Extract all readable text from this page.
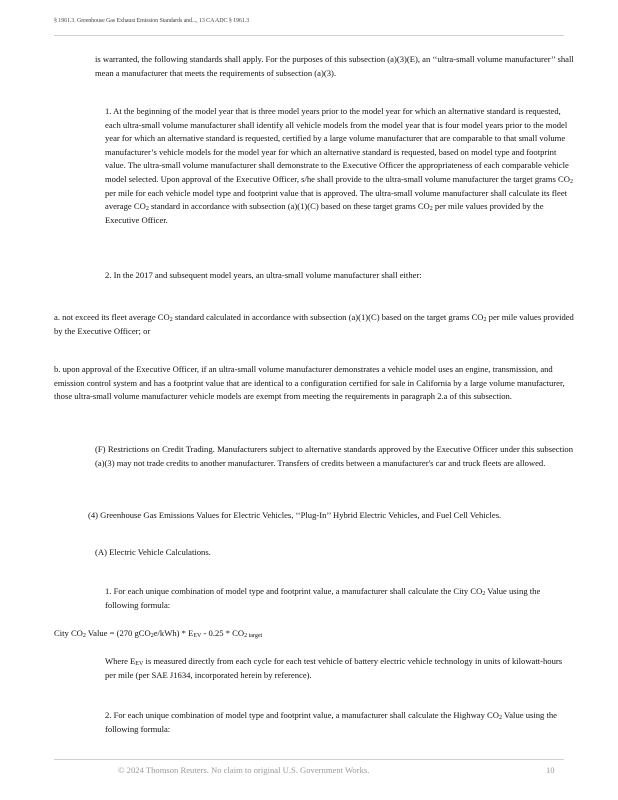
§ 1961.3. Greenhouse Gas Exhaust Emission Standards and..., 13 CA ADC § 1961.3

is warranted, the following standards shall apply. For the purposes of this subsection (a)(3)(E), an ‘‘ultra-small volume manufacturer’’ shall mean a manufacturer that meets the requirements of subsection (a)(3).

1. At the beginning of the model year that is three model years prior to the model year for which an alternative standard is requested, each ultra-small volume manufacturer shall identify all vehicle models from the model year that is four model years prior to the model year for which an alternative standard is requested, certified by a large volume manufacturer that are comparable to that small volume manufacturer’s vehicle models for the model year for which an alternative standard is requested, based on model type and footprint value. The ultra-small volume manufacturer shall demonstrate to the Executive Officer the appropriateness of each comparable vehicle model selected. Upon approval of the Executive Officer, s/he shall provide to the ultra-small volume manufacturer the target grams $CO_2$ per mile for each vehicle model type and footprint value that is approved. The ultra-small volume manufacturer shall calculate its fleet average $CO_2$ standard in accordance with subsection (a)(1)(C) based on these target grams $CO_2$ per mile values provided by the Executive Officer.

2. In the 2017 and subsequent model years, an ultra-small volume manufacturer shall either:

a. not exceed its fleet average $CO_2$ standard calculated in accordance with subsection (a)(1)(C) based on the target grams $CO_2$ per mile values provided by the Executive Officer; or

b. upon approval of the Executive Officer, if an ultra-small volume manufacturer demonstrates a vehicle model uses an engine, transmission, and emission control system and has a footprint value that are identical to a configuration certified for sale in California by a large volume manufacturer, those ultra-small volume manufacturer vehicle models are exempt from meeting the requirements in paragraph 2.a of this subsection.

(F) Restrictions on Credit Trading. Manufacturers subject to alternative standards approved by the Executive Officer under this subsection (a)(3) may not trade credits to another manufacturer. Transfers of credits between a manufacturer's car and truck fleets are allowed.

(4) Greenhouse Gas Emissions Values for Electric Vehicles, ‘‘Plug-In’’ Hybrid Electric Vehicles, and Fuel Cell Vehicles.

(A) Electric Vehicle Calculations.

1. For each unique combination of model type and footprint value, a manufacturer shall calculate the City $CO_2$ Value using the following formula:

City $CO_2$ Value = (270 $gCO_2e/kWh) * E_{EV} - 0.25 * CO_{2 target}$

Where $E_{EV}$ is measured directly from each cycle for each test vehicle of battery electric vehicle technology in units of kilowatt-hours per mile (per SAE J1634, incorporated herein by reference).

2. For each unique combination of model type and footprint value, a manufacturer shall calculate the Highway $CO_2$ Value using the following formula:

© 2024 Thomson Reuters. No claim to original U.S. Government Works.	10
